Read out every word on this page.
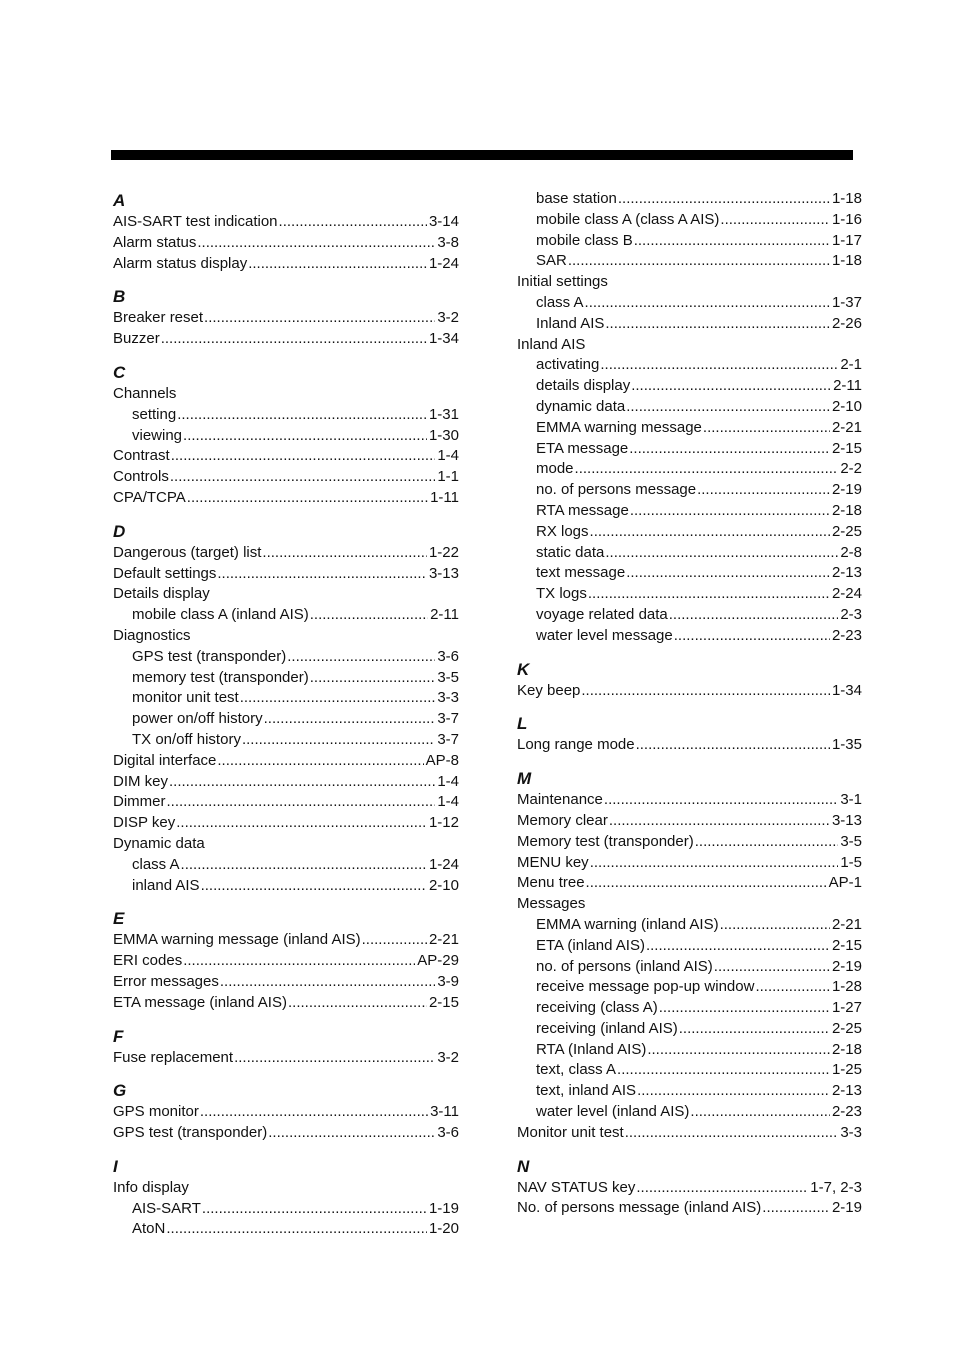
A
AIS-SART test indication .....	3-14
Alarm status .....	3-8
Alarm status display .....	1-24
B
Breaker reset .....	3-2
Buzzer .....	1-34
C
Channels
setting .....	1-31
viewing .....	1-30
Contrast .....	1-4
Controls .....	1-1
CPA/TCPA .....	1-11
D
Dangerous (target) list .....	1-22
Default settings .....	3-13
Details display
mobile class A (inland AIS) .....	2-11
Diagnostics
GPS test (transponder) .....	3-6
memory test (transponder) .....	3-5
monitor unit test .....	3-3
power on/off history .....	3-7
TX on/off history .....	3-7
Digital interface .....	AP-8
DIM key .....	1-4
Dimmer .....	1-4
DISP key .....	1-12
Dynamic data
class A .....	1-24
inland AIS .....	2-10
E
EMMA warning message (inland AIS) .....	2-21
ERI codes .....	AP-29
Error messages .....	3-9
ETA message (inland AIS) .....	2-15
F
Fuse replacement .....	3-2
G
GPS monitor .....	3-11
GPS test (transponder) .....	3-6
I
Info display
AIS-SART .....	1-19
AtoN .....	1-20
base station .....	1-18
mobile class A (class A AIS) .....	1-16
mobile class B .....	1-17
SAR .....	1-18
Initial settings
class A .....	1-37
Inland AIS .....	2-26
Inland AIS
activating .....	2-1
details display .....	2-11
dynamic data .....	2-10
EMMA warning message .....	2-21
ETA message .....	2-15
mode .....	2-2
no. of persons message .....	2-19
RTA message .....	2-18
RX logs .....	2-25
static data .....	2-8
text message .....	2-13
TX logs .....	2-24
voyage related data .....	2-3
water level message .....	2-23
K
Key beep .....	1-34
L
Long range mode .....	1-35
M
Maintenance .....	3-1
Memory clear .....	3-13
Memory test (transponder) .....	3-5
MENU key .....	1-5
Menu tree .....	AP-1
Messages
EMMA warning (inland AIS) .....	2-21
ETA (inland AIS) .....	2-15
no. of persons (inland AIS) .....	2-19
receive message pop-up window .....	1-28
receiving (class A) .....	1-27
receiving (inland AIS) .....	2-25
RTA (Inland AIS) .....	2-18
text, class A .....	1-25
text, inland AIS .....	2-13
water level (inland AIS) .....	2-23
Monitor unit test .....	3-3
N
NAV STATUS key .....	1-7, 2-3
No. of persons message (inland AIS) .....	2-19
